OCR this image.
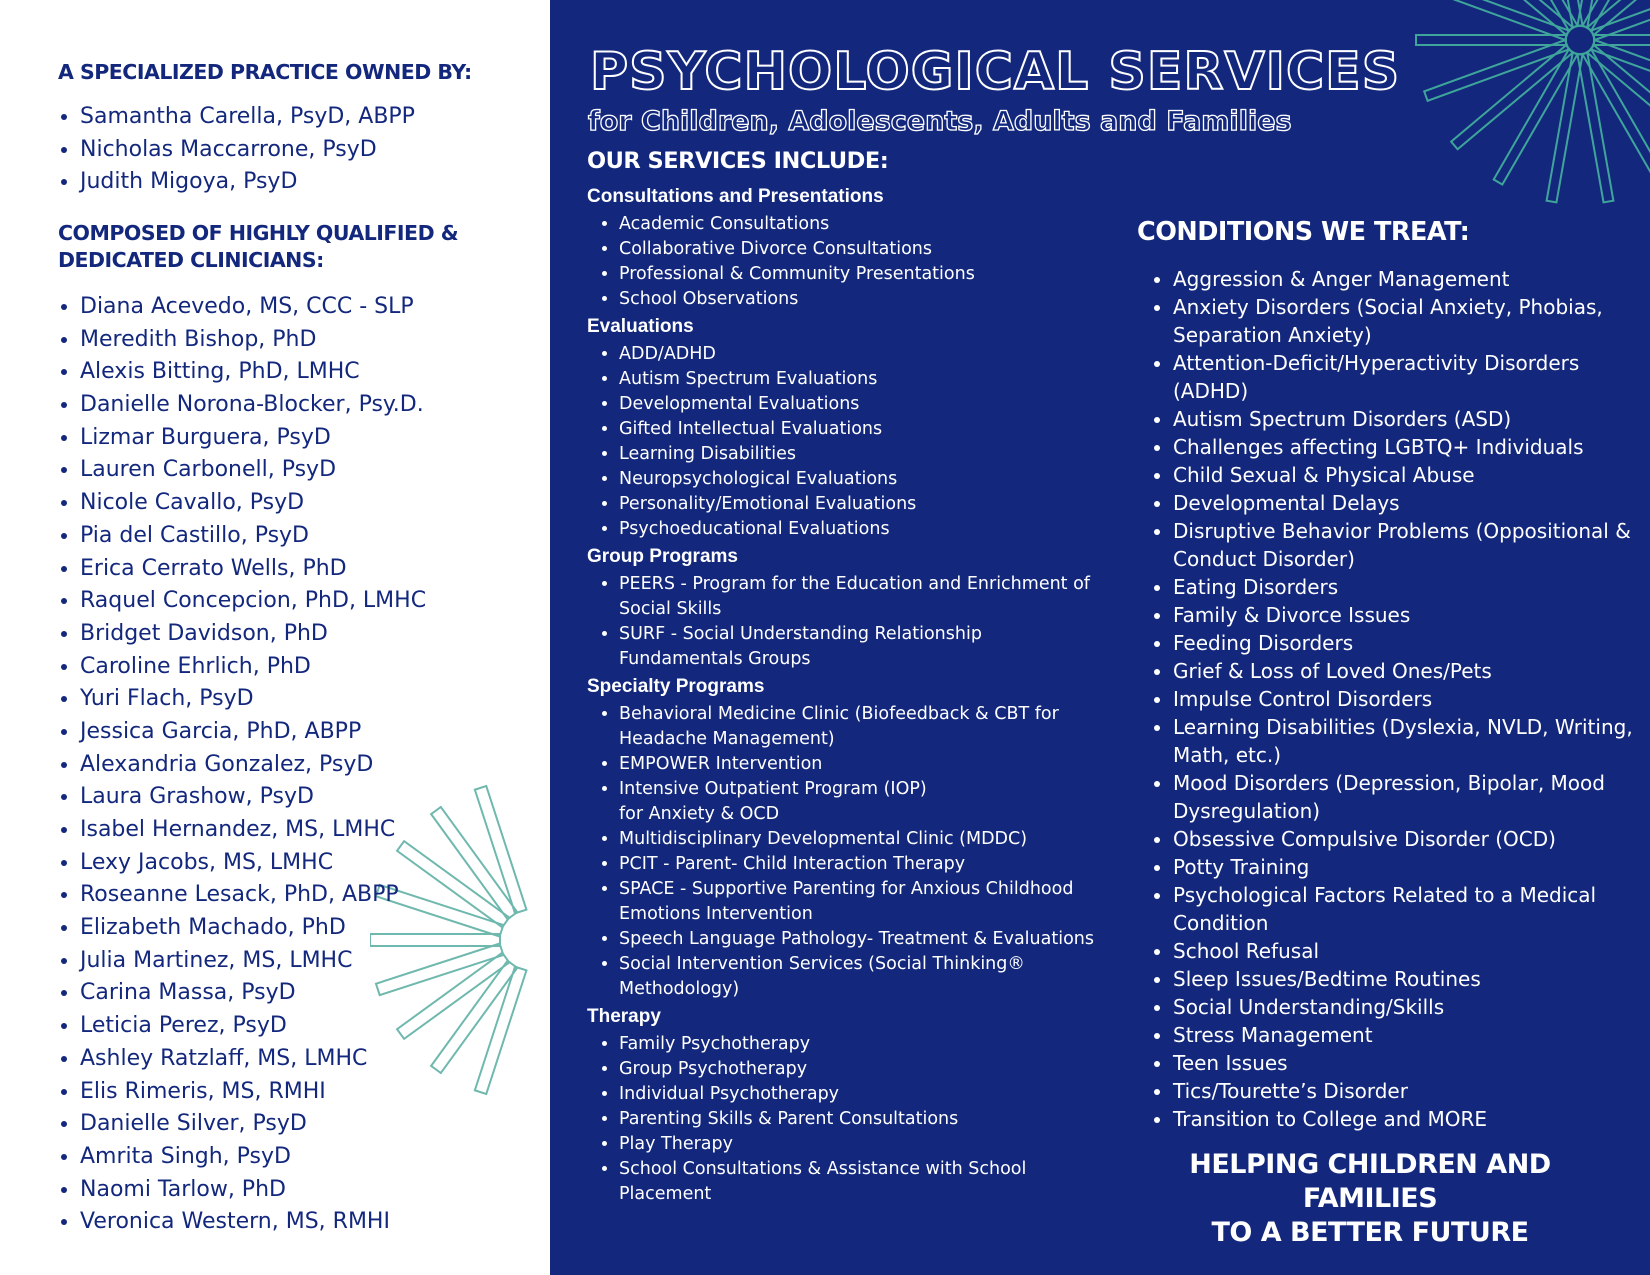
A SPECIALIZED PRACTICE OWNED BY:
• Samantha Carella, PsyD, ABPP
• Nicholas Maccarrone, PsyD
• Judith Migoya, PsyD
COMPOSED OF HIGHLY QUALIFIED &
DEDICATED CLINICIANS:
• Diana Acevedo, MS, CCC - SLP
• Meredith Bishop, PhD
• Alexis Bitting, PhD, LMHC
• Danielle Norona-Blocker, Psy.D.
• Lizmar Burguera, PsyD
• Lauren Carbonell, PsyD
• Nicole Cavallo, PsyD
• Pia del Castillo, PsyD
• Erica Cerrato Wells, PhD
• Raquel Concepcion, PhD, LMHC
• Bridget Davidson, PhD
• Caroline Ehrlich, PhD
• Yuri Flach, PsyD
• Jessica Garcia, PhD, ABPP
• Alexandria Gonzalez, PsyD
• Laura Grashow, PsyD
• Isabel Hernandez, MS, LMHC
• Lexy Jacobs, MS, LMHC
• Roseanne Lesack, PhD, ABPP
• Elizabeth Machado, PhD
• Julia Martinez, MS, LMHC
• Carina Massa, PsyD
• Leticia Perez, PsyD
• Ashley Ratzlaff, MS, LMHC
• Elis Rimeris, MS, RMHI
• Danielle Silver, PsyD
• Amrita Singh, PsyD
• Naomi Tarlow, PhD
• Veronica Western, MS, RMHI
PSYCHOLOGICAL SERVICES
for Children, Adolescents, Adults and Families
OUR SERVICES INCLUDE:
Consultations and Presentations
• Academic Consultations
• Collaborative Divorce Consultations
• Professional & Community Presentations
• School Observations
Evaluations
• ADD/ADHD
• Autism Spectrum Evaluations
• Developmental Evaluations
• Gifted Intellectual Evaluations
• Learning Disabilities
• Neuropsychological Evaluations
• Personality/Emotional Evaluations
• Psychoeducational Evaluations
Group Programs
• PEERS - Program for the Education and Enrichment of Social Skills
• SURF - Social Understanding Relationship Fundamentals Groups
Specialty Programs
• Behavioral Medicine Clinic (Biofeedback & CBT for Headache Management)
• EMPOWER Intervention
• Intensive Outpatient Program (IOP)
for Anxiety & OCD
• Multidisciplinary Developmental Clinic (MDDC)
• PCIT - Parent- Child Interaction Therapy
• SPACE - Supportive Parenting for Anxious Childhood Emotions Intervention
• Speech Language Pathology- Treatment & Evaluations
• Social Intervention Services (Social Thinking® Methodology)
Therapy
• Family Psychotherapy
• Group Psychotherapy
• Individual Psychotherapy
• Parenting Skills & Parent Consultations
• Play Therapy
• School Consultations & Assistance with School Placement
CONDITIONS WE TREAT:
• Aggression & Anger Management
• Anxiety Disorders (Social Anxiety, Phobias, Separation Anxiety)
• Attention-Deficit/Hyperactivity Disorders (ADHD)
• Autism Spectrum Disorders (ASD)
• Challenges affecting LGBTQ+ Individuals
• Child Sexual & Physical Abuse
• Developmental Delays
• Disruptive Behavior Problems (Oppositional & Conduct Disorder)
• Eating Disorders
• Family & Divorce Issues
• Feeding Disorders
• Grief & Loss of Loved Ones/Pets
• Impulse Control Disorders
• Learning Disabilities (Dyslexia, NVLD, Writing, Math, etc.)
• Mood Disorders (Depression, Bipolar, Mood Dysregulation)
• Obsessive Compulsive Disorder (OCD)
• Potty Training
• Psychological Factors Related to a Medical Condition
• School Refusal
• Sleep Issues/Bedtime Routines
• Social Understanding/Skills
• Stress Management
• Teen Issues
• Tics/Tourette’s Disorder
• Transition to College and MORE
HELPING CHILDREN AND FAMILIES
TO A BETTER FUTURE
